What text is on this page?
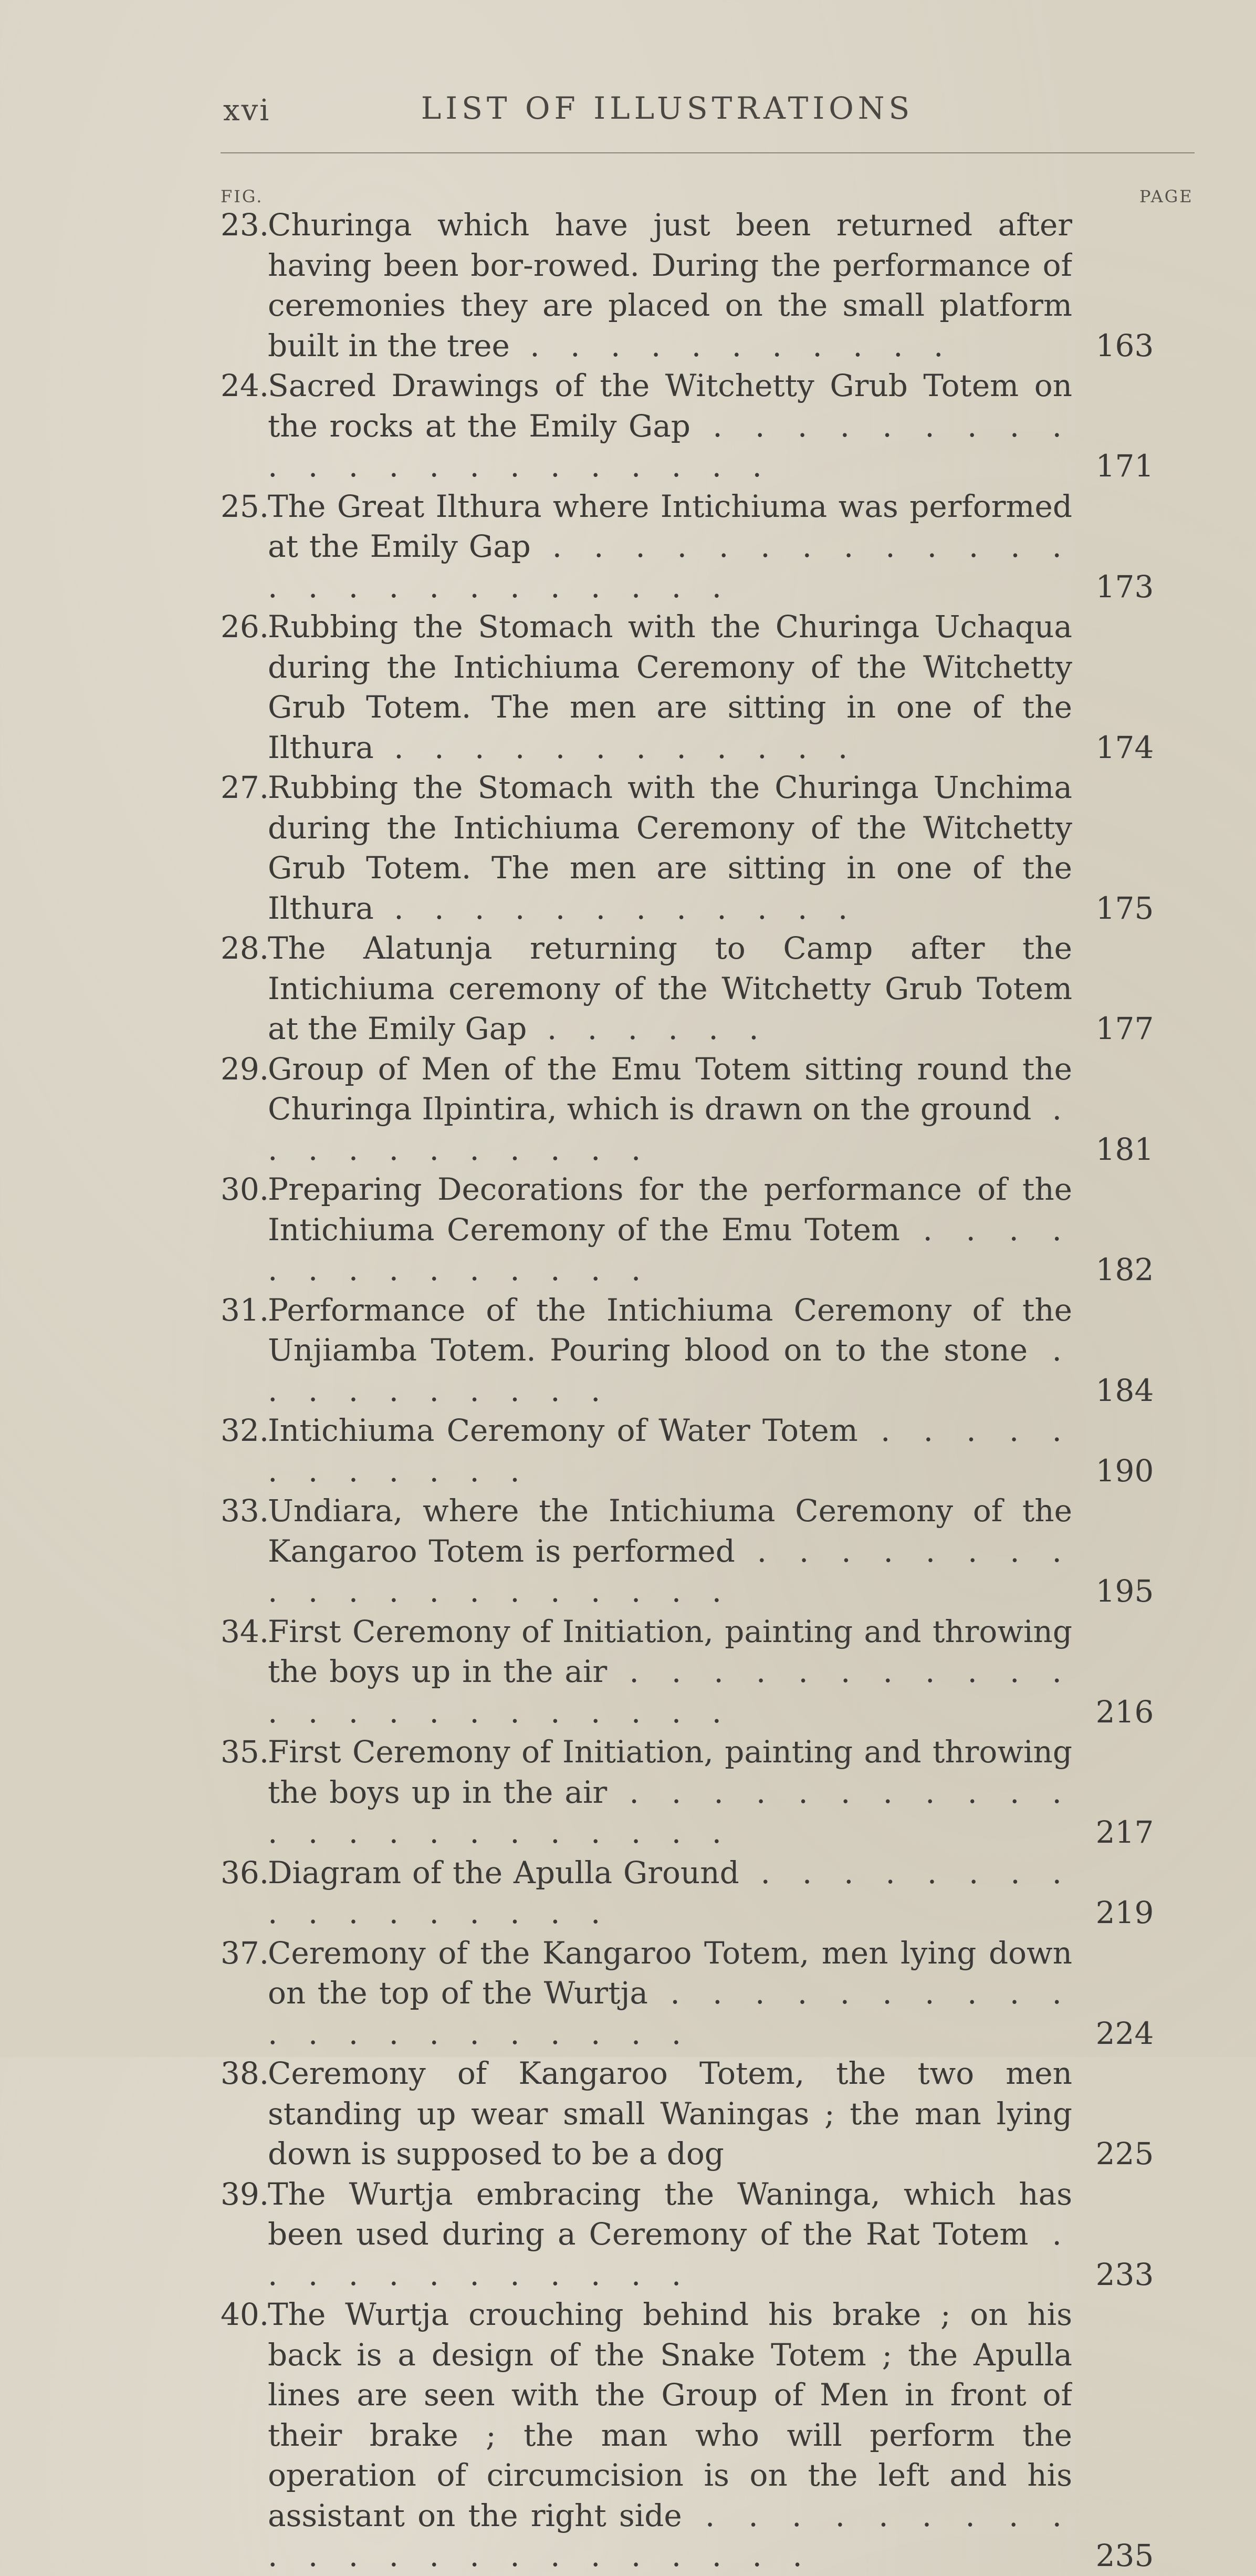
xvi	LIST OF ILLUSTRATIONS
FIG.	PAGE
23.
Churinga which have just been returned after having been bor-rowed. During the performance of ceremonies they are placed on the small platform built in the tree . . . . . . . . . . .	163
24.
Sacred Drawings of the Witchetty Grub Totem on the rocks at the Emily Gap . . . . . . . . . . . . . . . . . . . . . .	171
25.
The Great Ilthura where Intichiuma was performed at the Emily Gap . . . . . . . . . . . . . . . . . . . . . . . . .	173
26.
Rubbing the Stomach with the Churinga Uchaqua during the Intichiuma Ceremony of the Witchetty Grub Totem. The men are sitting in one of the Ilthura . . . . . . . . . . . .	174
27.
Rubbing the Stomach with the Churinga Unchima during the Intichiuma Ceremony of the Witchetty Grub Totem. The men are sitting in one of the Ilthura . . . . . . . . . . . .	175
28.
The Alatunja returning to Camp after the Intichiuma ceremony of the Witchetty Grub Totem at the Emily Gap . . . . . .	177
29.
Group of Men of the Emu Totem sitting round the Churinga Ilpintira, which is drawn on the ground . . . . . . . . . . .	181
30.
Preparing Decorations for the performance of the Intichiuma Ceremony of the Emu Totem . . . . . . . . . . . . . .	182
31.
Performance of the Intichiuma Ceremony of the Unjiamba Totem. Pouring blood on to the stone . . . . . . . . . .	184
32.
Intichiuma Ceremony of Water Totem . . . . . . . . . . . .	190
33.
Undiara, where the Intichiuma Ceremony of the Kangaroo Totem is performed . . . . . . . . . . . . . . . . . . . .	195
34.
First Ceremony of Initiation, painting and throwing the boys up in the air . . . . . . . . . . . . . . . . . . . . . . .	216
35.
First Ceremony of Initiation, painting and throwing the boys up in the air . . . . . . . . . . . . . . . . . . . . . . .	217
36.
Diagram of the Apulla Ground . . . . . . . . . . . . . . . . .	219
37.
Ceremony of the Kangaroo Totem, men lying down on the top of the Wurtja . . . . . . . . . . . . . . . . . . . . .	224
38.
Ceremony of Kangaroo Totem, the two men standing up wear small Waningas ; the man lying down is supposed to be a dog	225
39.
The Wurtja embracing the Waninga, which has been used during a Ceremony of the Rat Totem . . . . . . . . . . . .	233
40.
The Wurtja crouching behind his brake ; on his back is a design of the Snake Totem ; the Apulla lines are seen with the Group of Men in front of their brake ; the man who will perform the operation of circumcision is on the left and his assistant on the right side . . . . . . . . . . . . . . . . . . . . . . .	235
